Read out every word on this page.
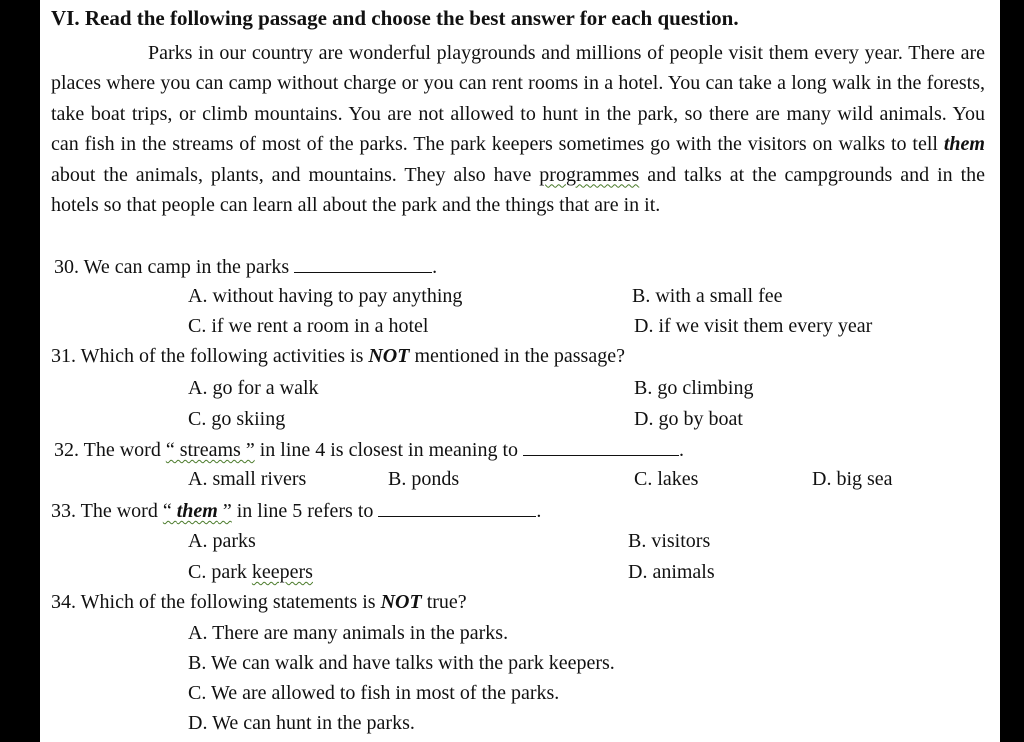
VI. Read the following passage and choose the best answer for each question.
Parks in our country are wonderful playgrounds and millions of people visit them every year. There are places where you can camp without charge or you can rent rooms in a hotel. You can take a long walk in the forests, take boat trips, or climb mountains. You are not allowed to hunt in the park, so there are many wild animals. You can fish in the streams of most of the parks. The park keepers sometimes go with the visitors on walks to tell them about the animals, plants, and mountains. They also have programmes and talks at the campgrounds and in the hotels so that people can learn all about the park and the things that are in it.
30. We can camp in the parks	.
A. without having to pay anything	B. with a small fee
C. if we rent a room in a hotel	D. if we visit them every year
31. Which of the following activities is NOT mentioned in the passage?
A. go for a walk	B. go climbing
C. go skiing	D. go by boat
32. The word “ streams ” in line 4 is closest in meaning to	.
A. small rivers	B. ponds	C. lakes	D. big sea
33. The word “ them ” in line 5 refers to	.
A. parks	B. visitors
C. park keepers	D. animals
34. Which of the following statements is NOT true?
A. There are many animals in the parks.
B. We can walk and have talks with the park keepers.
C. We are allowed to fish in most of the parks.
D. We can hunt in the parks.
